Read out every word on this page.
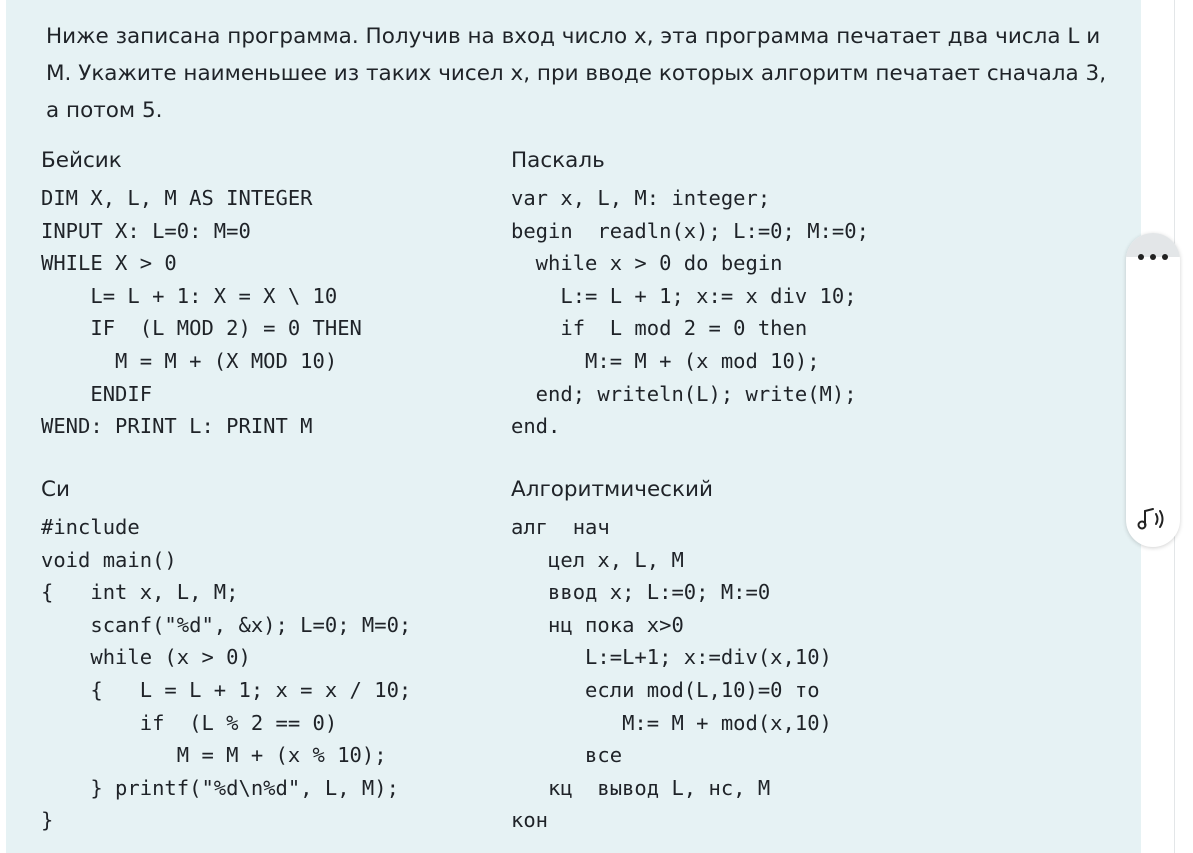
Ниже записана программа. Получив на вход число x, эта программа печатает два числа L и M. Укажите наименьшее из таких чисел x, при вводе которых алгоритм печатает сначала 3, а потом 5.
Бейсик
DIM X, L, M AS INTEGER
INPUT X: L=0: M=0
WHILE X > 0
L= L + 1: X = X \ 10
IF  (L MOD 2) = 0 THEN
M = M + (X MOD 10)
ENDIF
WEND: PRINT L: PRINT M
Паскаль
var x, L, M: integer;
begin  readln(x); L:=0; M:=0;
while x > 0 do begin
L:= L + 1; x:= x div 10;
if  L mod 2 = 0 then
M:= M + (x mod 10);
end; writeln(L); write(M);
end.
Си
#include
void main()
{   int x, L, M;
scanf("%d", &x); L=0; M=0;
while (x > 0)
{   L = L + 1; x = x / 10;
if  (L % 2 == 0)
M = M + (x % 10);
} printf("%d\n%d", L, M);
}
Алгоритмический
алг  нач
цел x, L, M
ввод x; L:=0; M:=0
нц пока x>0
L:=L+1; x:=div(x,10)
если mod(L,10)=0 то
M:= M + mod(x,10)
все
кц  вывод L, нс, M
кон
